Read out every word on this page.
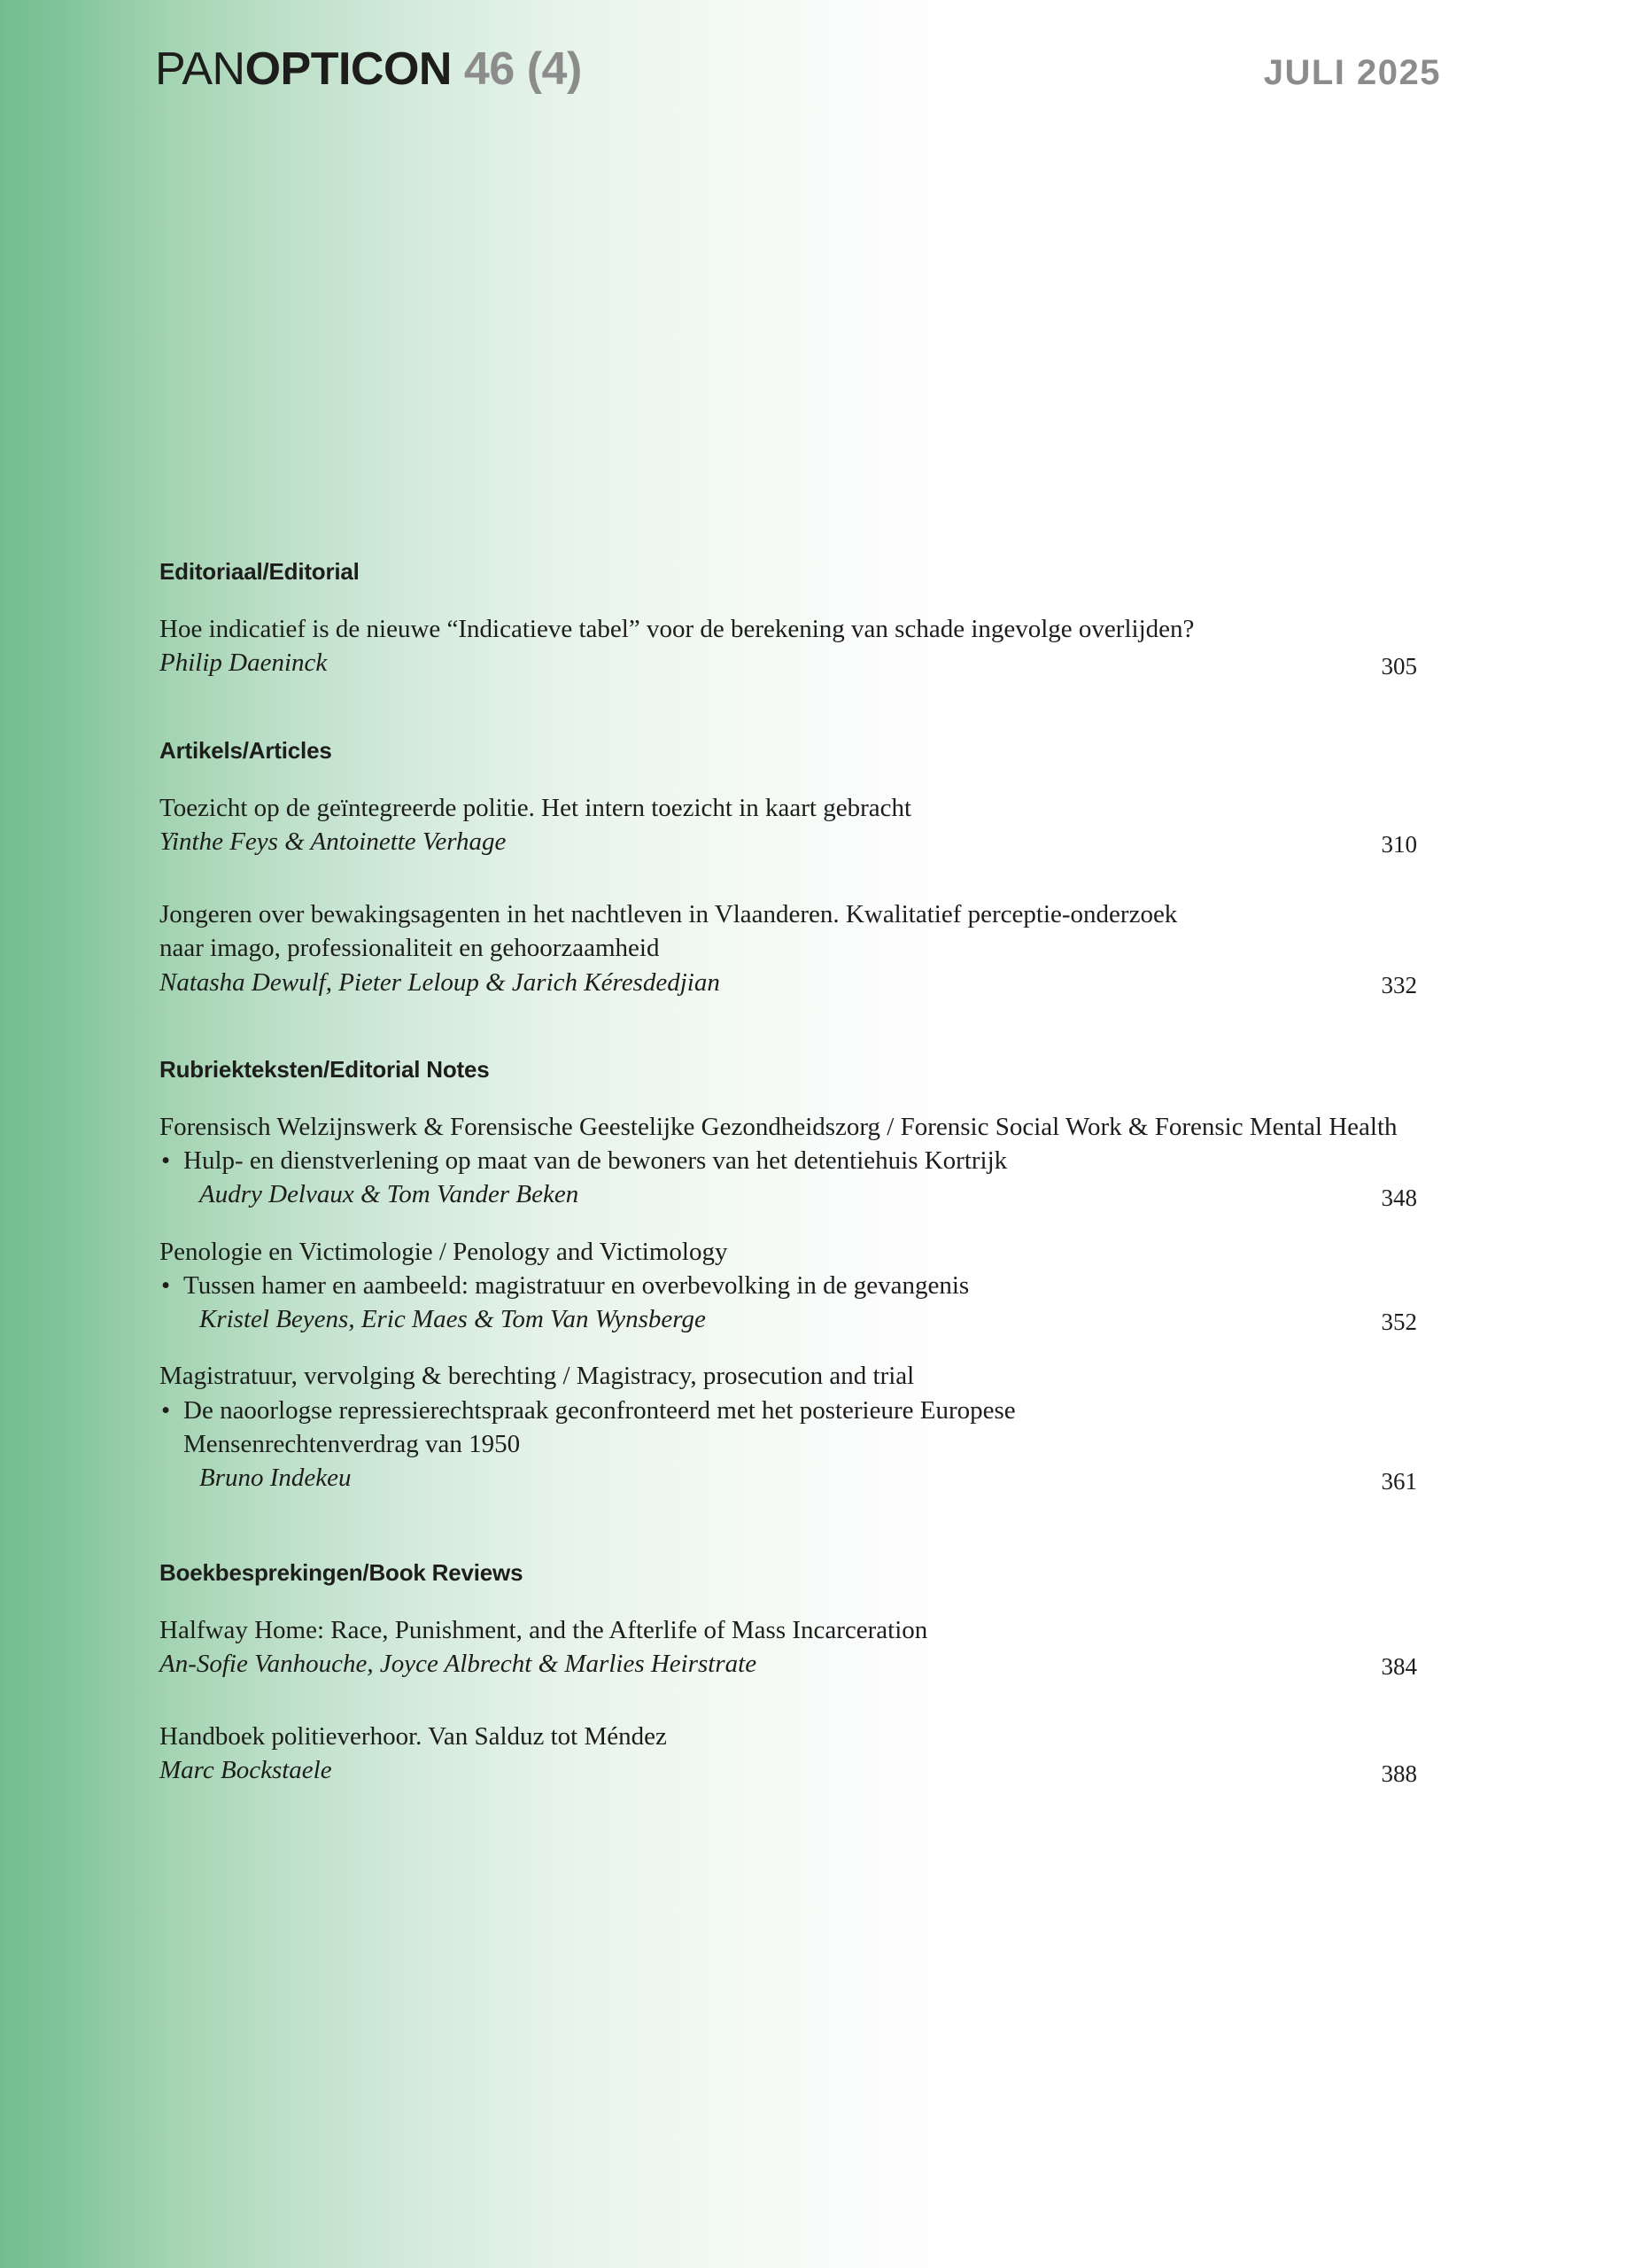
PANOPTICON 46 (4)	JULI 2025
Editoriaal/Editorial
Hoe indicatief is de nieuwe “Indicatieve tabel” voor de berekening van schade ingevolge overlijden?
Philip Daeninck	305
Artikels/Articles
Toezicht op de geïntegreerde politie. Het intern toezicht in kaart gebracht
Yinthe Feys & Antoinette Verhage	310
Jongeren over bewakingsagenten in het nachtleven in Vlaanderen. Kwalitatief perceptie-onderzoek naar imago, professionaliteit en gehoorzaamheid
Natasha Dewulf, Pieter Leloup & Jarich Kéresdedjian	332
Rubriekteksten/Editorial Notes
Forensisch Welzijnswerk & Forensische Geestelijke Gezondheidszorg / Forensic Social Work & Forensic Mental Health
• Hulp- en dienstverlening op maat van de bewoners van het detentiehuis Kortrijk
Audry Delvaux & Tom Vander Beken	348
Penologie en Victimologie / Penology and Victimology
• Tussen hamer en aambeeld: magistratuur en overbevolking in de gevangenis
Kristel Beyens, Eric Maes & Tom Van Wynsberge	352
Magistratuur, vervolging & berechting / Magistracy, prosecution and trial
• De naoorlogse repressierechtspraak geconfronteerd met het posterieure Europese Mensenrechtenverdrag van 1950
Bruno Indekeu	361
Boekbesprekingen/Book Reviews
Halfway Home: Race, Punishment, and the Afterlife of Mass Incarceration
An-Sofie Vanhouche, Joyce Albrecht & Marlies Heirstrate	384
Handboek politieverhoor. Van Salduz tot Méndez
Marc Bockstaele	388
